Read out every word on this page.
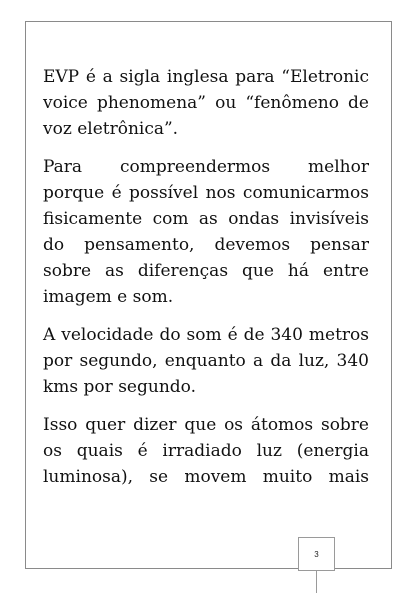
EVP é a sigla inglesa para “Eletronic
voice phenomena” ou “fenômeno de
voz eletrônica”.

Para compreendermos melhor
porque é possível nos comunicarmos
fisicamente com as ondas invisíveis
do pensamento, devemos pensar
sobre as diferenças que há entre
imagem e som.

A velocidade do som é de 340 metros
por segundo, enquanto a da luz, 340
kms por segundo.

Isso quer dizer que os átomos sobre
os quais é irradiado luz (energia
luminosa), se movem muito mais

3
